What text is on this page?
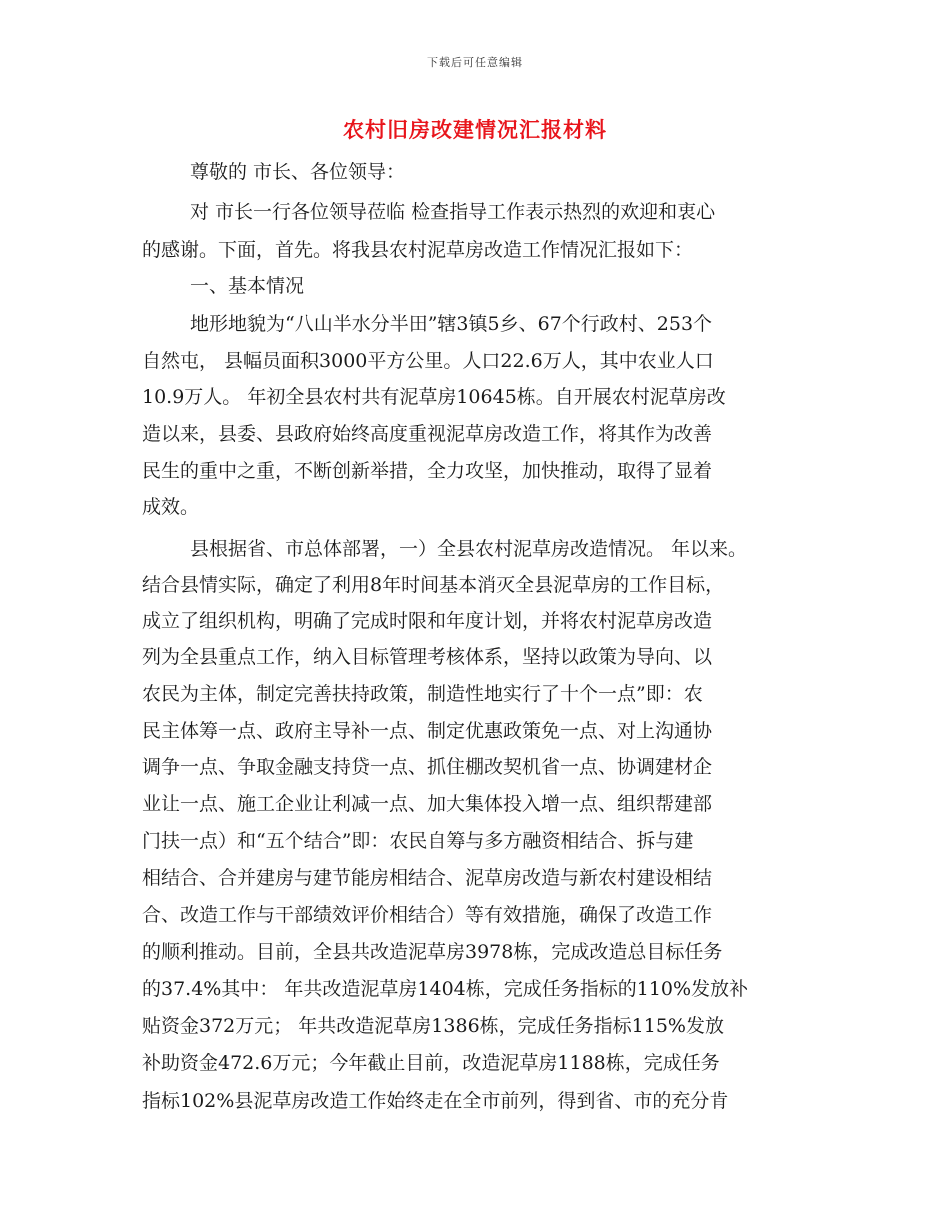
下载后可任意编辑
农村旧房改建情况汇报材料
尊敬的 市长、各位领导：
对 市长一行各位领导莅临 检查指导工作表示热烈的欢迎和衷心
的感谢。下面，首先。将我县农村泥草房改造工作情况汇报如下：
一、基本情况
地形地貌为“八山半水分半田”辖3镇5乡、67个行政村、253个
自然屯， 县幅员面积3000平方公里。人口22.6万人，其中农业人口
10.9万人。 年初全县农村共有泥草房10645栋。自开展农村泥草房改
造以来，县委、县政府始终高度重视泥草房改造工作，将其作为改善
民生的重中之重，不断创新举措，全力攻坚，加快推动，取得了显着
成效。
县根据省、市总体部署，一）全县农村泥草房改造情况。 年以来。
结合县情实际，确定了利用8年时间基本消灭全县泥草房的工作目标，
成立了组织机构，明确了完成时限和年度计划，并将农村泥草房改造
列为全县重点工作，纳入目标管理考核体系，坚持以政策为导向、以
农民为主体，制定完善扶持政策，制造性地实行了十个一点”即：农
民主体筹一点、政府主导补一点、制定优惠政策免一点、对上沟通协
调争一点、争取金融支持贷一点、抓住棚改契机省一点、协调建材企
业让一点、施工企业让利减一点、加大集体投入增一点、组织帮建部
门扶一点）和“五个结合”即：农民自筹与多方融资相结合、拆与建
相结合、合并建房与建节能房相结合、泥草房改造与新农村建设相结
合、改造工作与干部绩效评价相结合）等有效措施，确保了改造工作
的顺利推动。目前，全县共改造泥草房3978栋，完成改造总目标任务
的37.4%其中： 年共改造泥草房1404栋，完成任务指标的110%发放补
贴资金372万元； 年共改造泥草房1386栋，完成任务指标115%发放
补助资金472.6万元；今年截止目前，改造泥草房1188栋，完成任务
指标102%县泥草房改造工作始终走在全市前列，得到省、市的充分肯
